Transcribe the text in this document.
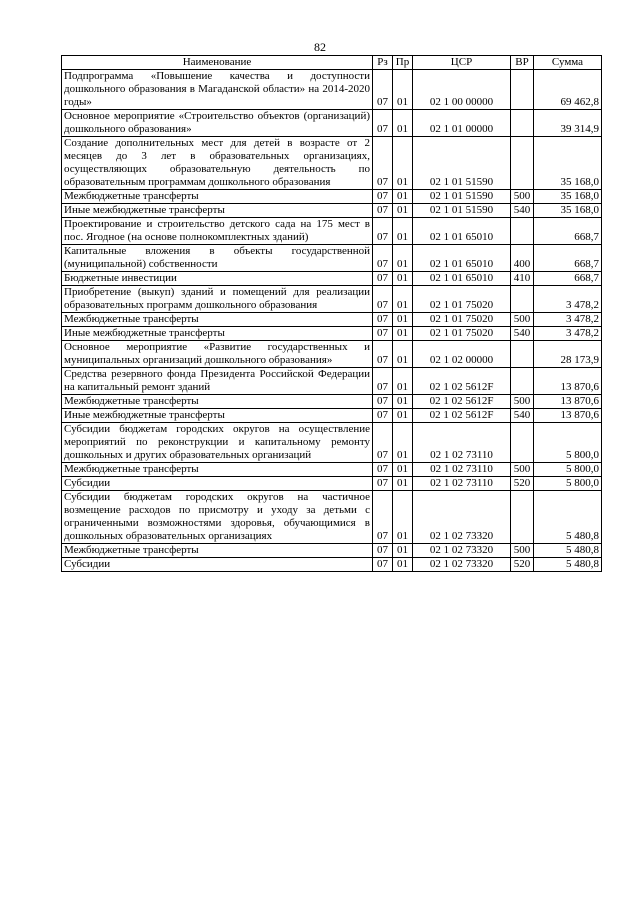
82
Наименование	Рз	Пр	ЦСР	ВР	Сумма
Подпрограмма «Повышение качества и доступности дошкольного образования в Магаданской области» на 2014-2020 годы»	07	01	02 1 00 00000		69 462,8
Основное мероприятие «Строительство объектов (организаций) дошкольного образования»	07	01	02 1 01 00000		39 314,9
Создание дополнительных мест для детей в возрасте от 2 месяцев до 3 лет в образовательных организациях, осуществляющих образовательную деятельность по образовательным программам дошкольного образования	07	01	02 1 01 51590		35 168,0
Межбюджетные трансферты	07	01	02 1 01 51590	500	35 168,0
Иные межбюджетные трансферты	07	01	02 1 01 51590	540	35 168,0
Проектирование и строительство детского сада на 175 мест в пос. Ягодное (на основе полнокомплектных зданий)	07	01	02 1 01 65010		668,7
Капитальные вложения в объекты государственной (муниципальной) собственности	07	01	02 1 01 65010	400	668,7
Бюджетные инвестиции	07	01	02 1 01 65010	410	668,7
Приобретение (выкуп) зданий и помещений для реализации образовательных программ дошкольного образования	07	01	02 1 01 75020		3 478,2
Межбюджетные трансферты	07	01	02 1 01 75020	500	3 478,2
Иные межбюджетные трансферты	07	01	02 1 01 75020	540	3 478,2
Основное мероприятие «Развитие государственных и муниципальных организаций дошкольного образования»	07	01	02 1 02 00000		28 173,9
Средства резервного фонда Президента Российской Федерации на капитальный ремонт зданий	07	01	02 1 02 5612F		13 870,6
Межбюджетные трансферты	07	01	02 1 02 5612F	500	13 870,6
Иные межбюджетные трансферты	07	01	02 1 02 5612F	540	13 870,6
Субсидии бюджетам городских округов на осуществление мероприятий по реконструкции и капитальному ремонту дошкольных и других образовательных организаций	07	01	02 1 02 73110		5 800,0
Межбюджетные трансферты	07	01	02 1 02 73110	500	5 800,0
Субсидии	07	01	02 1 02 73110	520	5 800,0
Субсидии бюджетам городских округов на частичное возмещение расходов по присмотру и уходу за детьми с ограниченными возможностями здоровья, обучающимися в дошкольных образовательных организациях	07	01	02 1 02 73320		5 480,8
Межбюджетные трансферты	07	01	02 1 02 73320	500	5 480,8
Субсидии	07	01	02 1 02 73320	520	5 480,8
